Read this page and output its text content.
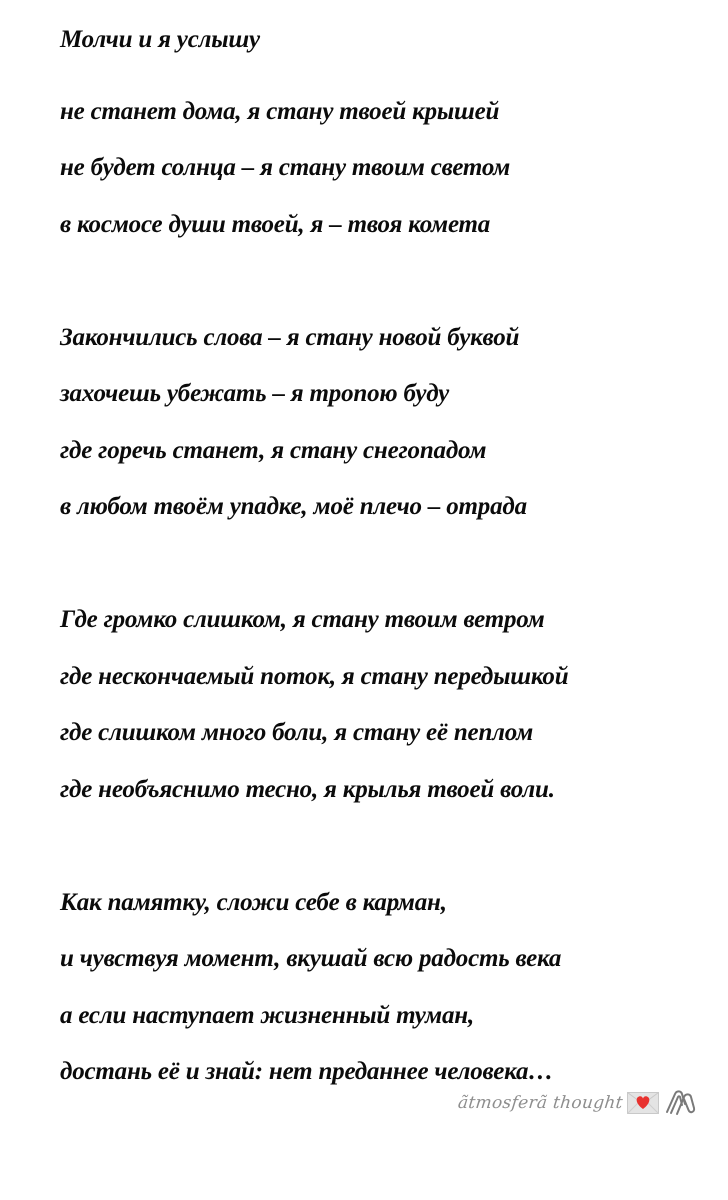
Молчи и я услышу
не станет дома, я стану твоей крышей
не будет солнца – я стану твоим светом
в космосе души твоей, я – твоя комета
Закончились слова – я стану новой буквой
захочешь убежать – я тропою буду
где горечь станет, я стану снегопадом
в любом твоём упадке, моё плечо – отрада
Где громко слишком, я стану твоим ветром
где нескончаемый поток, я стану передышкой
где слишком много боли, я стану её пеплом
где необъяснимо тесно, я крылья твоей воли.
Как памятку, сложи себе в карман,
и чувствуя момент, вкушай всю радость века
а если наступает жизненный туман,
достань её и знай: нет преданнее человека…
ãtmosferã thought
